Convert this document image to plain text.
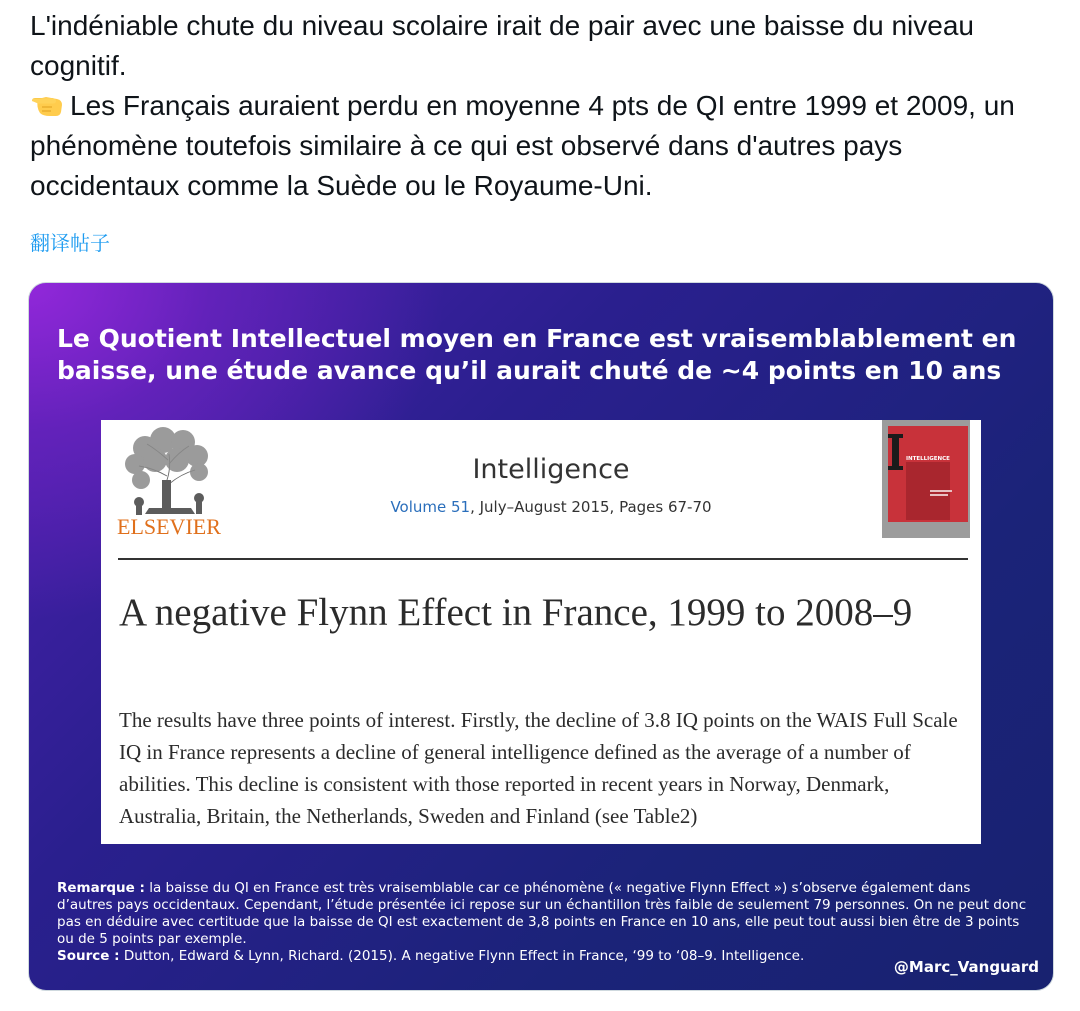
L'indéniable chute du niveau scolaire irait de pair avec une baisse du niveau cognitif.

Les Français auraient perdu en moyenne 4 pts de QI entre 1999 et 2009, un phénomène toutefois similaire à ce qui est observé dans d'autres pays occidentaux comme la Suède ou le Royaume-Uni.

翻译帖子
Le Quotient Intellectuel moyen en France est vraisemblablement en baisse, une étude avance qu’il aurait chuté de ~4 points en 10 ans
ELSEVIER

Intelligence

Volume 51, July–August 2015, Pages 67-70
INTELLIGENCE
A negative Flynn Effect in France, 1999 to 2008–9

The results have three points of interest. Firstly, the decline of 3.8 IQ points on the WAIS Full Scale IQ in France represents a decline of general intelligence defined as the average of a number of abilities. This decline is consistent with those reported in recent years in Norway, Denmark, Australia, Britain, the Netherlands, Sweden and Finland (see Table2)

Remarque : la baisse du QI en France est très vraisemblable car ce phénomène (« negative Flynn Effect ») s’observe également dans d’autres pays occidentaux. Cependant, l’étude présentée ici repose sur un échantillon très faible de seulement 79 personnes. On ne peut donc pas en déduire avec certitude que la baisse de QI est exactement de 3,8 points en France en 10 ans, elle peut tout aussi bien être de 3 points ou de 5 points par exemple.
Source : Dutton, Edward & Lynn, Richard. (2015). A negative Flynn Effect in France, ‘99 to ‘08–9. Intelligence.

@Marc_Vanguard
